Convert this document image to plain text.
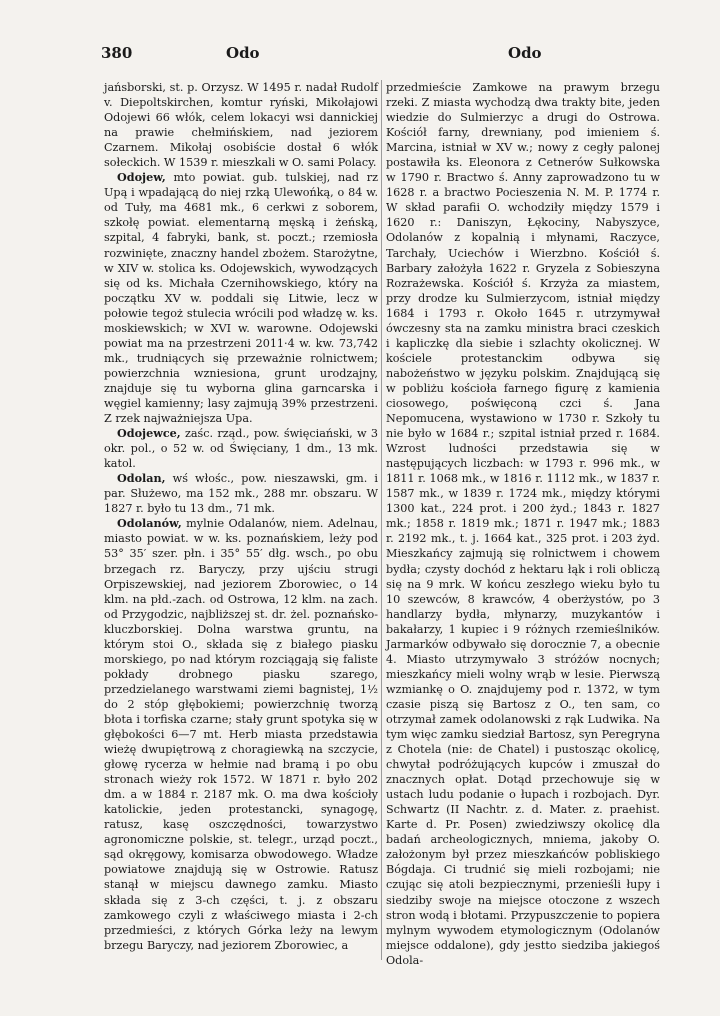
380	Odo	Odo

jańsborski, st. p. Orzysz. W 1495 r. nadał Rudolf v. Diepoltskirchen, komtur ryński, Mikołajowi Odojewi 66 włók, celem lokacyi wsi dannickiej na prawie chełmińskiem, nad jeziorem Czarnem. Mikołaj osobiście dostał 6 włók sołeckich. W 1539 r. mieszkali w O. sami Polacy.

Odojew, mto powiat. gub. tulskiej, nad rz Upą i wpadającą do niej rzką Ulewońką, o 84 w. od Tuły, ma 4681 mk., 6 cerkwi z soborem, szkołę powiat. elementarną męską i żeńską, szpital, 4 fabryki, bank, st. poczt.; rzemiosła rozwinięte, znaczny handel zbożem. Starożytne, w XIV w. stolica ks. Odojewskich, wywodzących się od ks. Michała Czernihowskiego, który na początku XV w. poddali się Litwie, lecz w połowie tegoż stulecia wrócili pod władzę w. ks. moskiewskich; w XVI w. warowne. Odojewski powiat ma na przestrzeni 2011·4 w. kw. 73,742 mk., trudniących się przeważnie rolnictwem; powierzchnia wzniesiona, grunt urodzajny, znajduje się tu wyborna glina garncarska i węgiel kamienny; lasy zajmują 39% przestrzeni. Z rzek najważniejsza Upa.

Odojewce, zaśc. rząd., pow. święciański, w 3 okr. pol., o 52 w. od Święciany, 1 dm., 13 mk. katol.

Odolan, wś włośc., pow. nieszawski, gm. i par. Służewo, ma 152 mk., 288 mr. obszaru. W 1827 r. było tu 13 dm., 71 mk.

Odolanów, mylnie Odalanów, niem. Adelnau, miasto powiat. w w. ks. poznańskiem, leży pod 53° 35′ szer. płn. i 35° 55′ dłg. wsch., po obu brzegach rz. Baryczy, przy ujściu strugi Orpiszewskiej, nad jeziorem Zborowiec, o 14 klm. na płd.-zach. od Ostrowa, 12 klm. na zach. od Przygodzic, najbliższej st. dr. żel. poznańsko-kluczborskiej. Dolna warstwa gruntu, na którym stoi O., składa się z białego piasku morskiego, po nad którym rozciągają się faliste pokłady drobnego piasku szarego, przedzielanego warstwami ziemi bagnistej, 1½ do 2 stóp głębokiemi; powierzchnię tworzą błota i torfiska czarne; stały grunt spotyka się w głębokości 6—7 mt. Herb miasta przedstawia wieżę dwupiętrową z choragiewką na szczycie, głowę rycerza w hełmie nad bramą i po obu stronach wieży rok 1572. W 1871 r. było 202 dm. a w 1884 r. 2187 mk. O. ma dwa kościoły katolickie, jeden protestancki, synagogę, ratusz, kasę oszczędności, towarzystwo agronomiczne polskie, st. telegr., urząd poczt., sąd okręgowy, komisarza obwodowego. Władze powiatowe znajdują się w Ostrowie. Ratusz stanął w miejscu dawnego zamku. Miasto składa się z 3-ch części, t. j. z obszaru zamkowego czyli z właściwego miasta i 2-ch przedmieści, z których Górka leży na lewym brzegu Baryczy, nad jeziorem Zborowiec, a

przedmieście Zamkowe na prawym brzegu rzeki. Z miasta wychodzą dwa trakty bite, jeden wiedzie do Sulmierzyc a drugi do Ostrowa. Kościół farny, drewniany, pod imieniem ś. Marcina, istniał w XV w.; nowy z cegły palonej postawiła ks. Eleonora z Cetnerów Sułkowska w 1790 r. Bractwo ś. Anny zaprowadzono tu w 1628 r. a bractwo Pocieszenia N. M. P. 1774 r. W skład parafii O. wchodziły między 1579 i 1620 r.: Daniszyn, Łękociny, Nabyszyce, Odolanów z kopalnią i młynami, Raczyce, Tarchały, Uciechów i Wierzbno. Kościół ś. Barbary założyła 1622 r. Gryzela z Sobieszyna Rozrażewska. Kościół ś. Krzyża za miastem, przy drodze ku Sulmierzycom, istniał między 1684 i 1793 r. Około 1645 r. utrzymywał ówczesny sta na zamku ministra braci czeskich i kapliczkę dla siebie i szlachty okolicznej. W kościele protestanckim odbywa się nabożeństwo w języku polskim. Znajdującą się w pobliżu kościoła farnego figurę z kamienia ciosowego, poświęconą czci ś. Jana Nepomucena, wystawiono w 1730 r. Szkoły tu nie było w 1684 r.; szpital istniał przed r. 1684. Wzrost ludności przedstawia się w następujących liczbach: w 1793 r. 996 mk., w 1811 r. 1068 mk., w 1816 r. 1112 mk., w 1837 r. 1587 mk., w 1839 r. 1724 mk., między którymi 1300 kat., 224 prot. i 200 żyd.; 1843 r. 1827 mk.; 1858 r. 1819 mk.; 1871 r. 1947 mk.; 1883 r. 2192 mk., t. j. 1664 kat., 325 prot. i 203 żyd. Mieszkańcy zajmują się rolnictwem i chowem bydła; czysty dochód z hektaru łąk i roli obliczą się na 9 mrk. W końcu zeszłego wieku było tu 10 szewców, 8 krawców, 4 oberżystów, po 3 handlarzy bydła, młynarzy, muzykantów i bakałarzy, 1 kupiec i 9 różnych rzemieślników. Jarmarków odbywało się dorocznie 7, a obecnie 4. Miasto utrzymywało 3 stróżów nocnych; mieszkańcy mieli wolny wrąb w lesie. Pierwszą wzmiankę o O. znajdujemy pod r. 1372, w tym czasie piszą się Bartosz z O., ten sam, co otrzymał zamek odolanowski z rąk Ludwika. Na tym więc zamku siedział Bartosz, syn Peregryna z Chotela (nie: de Chatel) i pustosząc okolicę, chwytał podróżujących kupców i zmuszał do znacznych opłat. Dotąd przechowuje się w ustach ludu podanie o łupach i rozbojach. Dyr. Schwartz (II Nachtr. z. d. Mater. z. praehist. Karte d. Pr. Posen) zwiedziwszy okolicę dla badań archeologicznych, mniema, jakoby O. założonym był przez mieszkańców pobliskiego Bógdaja. Ci trudnić się mieli rozbojami; nie czując się atoli bezpiecznymi, przenieśli łupy i siedziby swoje na miejsce otoczone z wszech stron wodą i błotami. Przypuszczenie to popiera mylnym wywodem etymologicznym (Odolanów miejsce oddalone), gdy jestto siedziba jakiegoś Odola-
